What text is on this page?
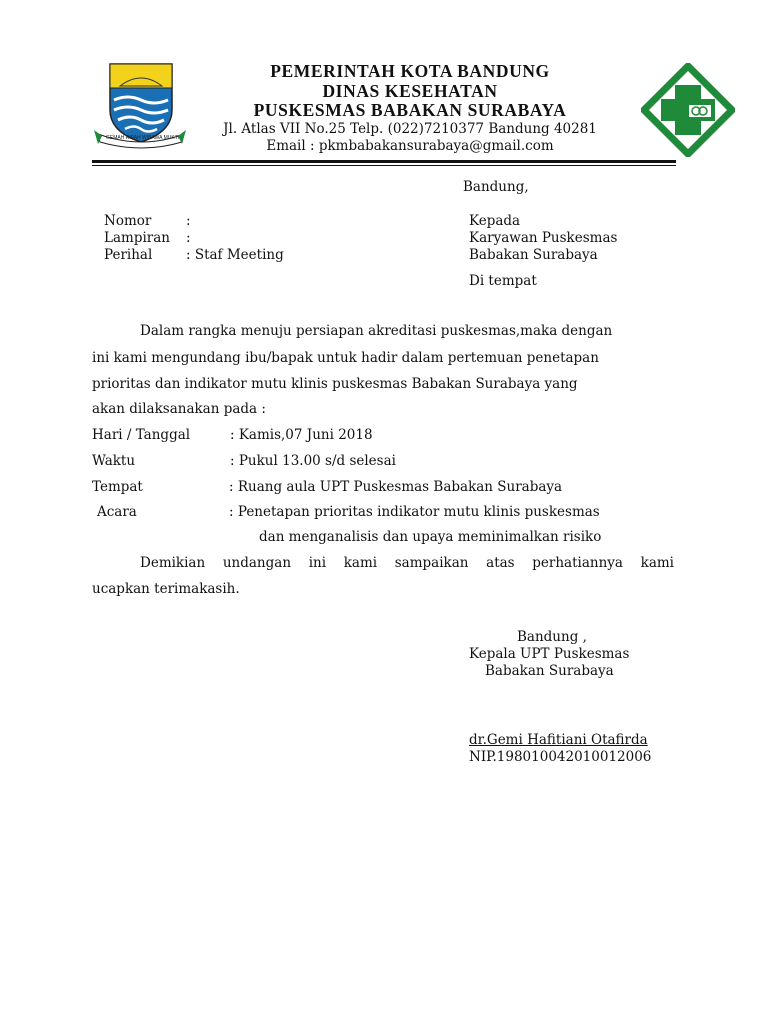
GEMAH RIPAH WIBAWA MUKTI
PEMERINTAH KOTA BANDUNG
DINAS KESEHATAN
PUSKESMAS BABAKAN SURABAYA
Jl. Atlas VII No.25 Telp. (022)7210377 Bandung 40281
Email : pkmbabakansurabaya@gmail.com
Bandung,
Nomor	:
Lampiran :
Perihal : Staf Meeting
Kepada
Karyawan Puskesmas
Babakan Surabaya
Di tempat
Dalam rangka menuju persiapan akreditasi puskesmas,maka dengan
ini kami mengundang ibu/bapak untuk hadir dalam pertemuan penetapan
prioritas dan indikator mutu klinis puskesmas Babakan Surabaya yang
akan dilaksanakan pada :
Hari / Tanggal	: Kamis,07 Juni 2018
Waktu	: Pukul 13.00 s/d selesai
Tempat	: Ruang aula UPT Puskesmas Babakan Surabaya
Acara	: Penetapan prioritas indikator mutu klinis puskesmas
dan menganalisis dan upaya meminimalkan risiko
Demikian undangan ini kami sampaikan atas perhatiannya kami
ucapkan terimakasih.
Bandung ,
Kepala UPT Puskesmas
Babakan Surabaya
dr.Gemi Hafitiani Otafirda
NIP.198010042010012006
